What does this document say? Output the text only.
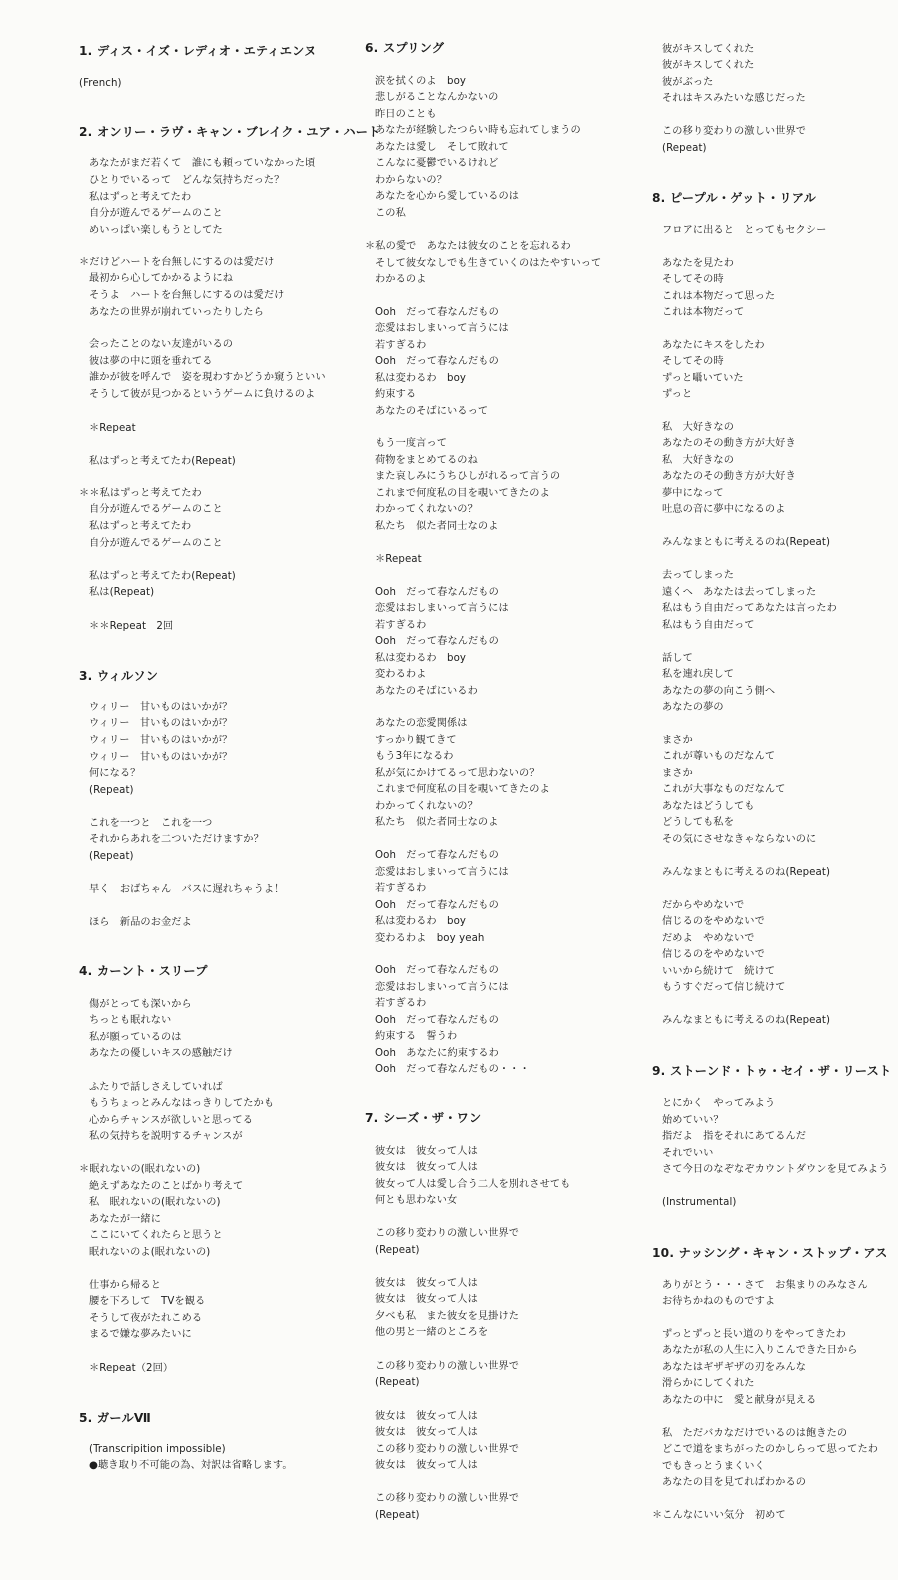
1. ディス・イズ・レディオ・エティエンヌ
(French)
2. オンリー・ラヴ・キャン・ブレイク・ユア・ハート
あなたがまだ若くて　誰にも頼っていなかった頃
ひとりでいるって　どんな気持ちだった？
私はずっと考えてたわ
自分が遊んでるゲームのこと
めいっぱい楽しもうとしてた
＊だけどハートを台無しにするのは愛だけ
最初から心してかかるようにね
そうよ　ハートを台無しにするのは愛だけ
あなたの世界が崩れていったりしたら
会ったことのない友達がいるの
彼は夢の中に頭を垂れてる
誰かが彼を呼んで　姿を現わすかどうか窺うといい
そうして彼が見つかるというゲームに負けるのよ
＊Repeat
私はずっと考えてたわ(Repeat)
＊＊私はずっと考えてたわ
自分が遊んでるゲームのこと
私はずっと考えてたわ
自分が遊んでるゲームのこと
私はずっと考えてたわ(Repeat)
私は(Repeat)
＊＊Repeat　2回
3. ウィルソン
ウィリー　甘いものはいかが？
ウィリー　甘いものはいかが？
ウィリー　甘いものはいかが？
ウィリー　甘いものはいかが？
何になる？
(Repeat)
これを一つと　これを一つ
それからあれを二ついただけますか？
(Repeat)
早く　おばちゃん　バスに遅れちゃうよ！
ほら　新品のお金だよ
4. カーント・スリープ
傷がとっても深いから
ちっとも眠れない
私が願っているのは
あなたの優しいキスの感触だけ
ふたりで話しさえしていれば
もうちょっとみんなはっきりしてたかも
心からチャンスが欲しいと思ってる
私の気持ちを説明するチャンスが
＊眠れないの(眠れないの)
絶えずあなたのことばかり考えて
私　眠れないの(眠れないの)
あなたが一緒に
ここにいてくれたらと思うと
眠れないのよ(眠れないの)
仕事から帰ると
腰を下ろして　TVを観る
そうして夜がたれこめる
まるで嫌な夢みたいに
＊Repeat（2回）
5. ガールⅦ
(Transcripition impossible)
●聴き取り不可能の為、対訳は省略します。
6. スプリング
涙を拭くのよ　boy
悲しがることなんかないの
昨日のことも
あなたが経験したつらい時も忘れてしまうの
あなたは愛し　そして敗れて
こんなに憂鬱でいるけれど
わからないの？
あなたを心から愛しているのは
この私
＊私の愛で　あなたは彼女のことを忘れるわ
そして彼女なしでも生きていくのはたやすいって
わかるのよ
Ooh　だって春なんだもの
恋愛はおしまいって言うには
若すぎるわ
Ooh　だって春なんだもの
私は変わるわ　boy
約束する
あなたのそばにいるって
もう一度言って
荷物をまとめてるのね
また哀しみにうちひしがれるって言うの
これまで何度私の目を覗いてきたのよ
わかってくれないの？
私たち　似た者同士なのよ
＊Repeat
Ooh　だって春なんだもの
恋愛はおしまいって言うには
若すぎるわ
Ooh　だって春なんだもの
私は変わるわ　boy
変わるわよ
あなたのそばにいるわ
あなたの恋愛関係は
すっかり観てきて
もう3年になるわ
私が気にかけてるって思わないの？
これまで何度私の目を覗いてきたのよ
わかってくれないの？
私たち　似た者同士なのよ
Ooh　だって春なんだもの
恋愛はおしまいって言うには
若すぎるわ
Ooh　だって春なんだもの
私は変わるわ　boy
変わるわよ　boy yeah
Ooh　だって春なんだもの
恋愛はおしまいって言うには
若すぎるわ
Ooh　だって春なんだもの
約束する　誓うわ
Ooh　あなたに約束するわ
Ooh　だって春なんだもの・・・
7. シーズ・ザ・ワン
彼女は　彼女って人は
彼女は　彼女って人は
彼女って人は愛し合う二人を別れさせても
何とも思わない女
この移り変わりの激しい世界で
(Repeat)
彼女は　彼女って人は
彼女は　彼女って人は
夕べも私　また彼女を見掛けた
他の男と一緒のところを
この移り変わりの激しい世界で
(Repeat)
彼女は　彼女って人は
彼女は　彼女って人は
この移り変わりの激しい世界で
彼女は　彼女って人は
この移り変わりの激しい世界で
(Repeat)
彼がキスしてくれた
彼がキスしてくれた
彼がぶった
それはキスみたいな感じだった
この移り変わりの激しい世界で
(Repeat)
8. ピープル・ゲット・リアル
フロアに出ると　とってもセクシー
あなたを見たわ
そしてその時
これは本物だって思った
これは本物だって
あなたにキスをしたわ
そしてその時
ずっと囁いていた
ずっと
私　大好きなの
あなたのその動き方が大好き
私　大好きなの
あなたのその動き方が大好き
夢中になって
吐息の音に夢中になるのよ
みんなまともに考えるのね(Repeat)
去ってしまった
遠くへ　あなたは去ってしまった
私はもう自由だってあなたは言ったわ
私はもう自由だって
話して
私を連れ戻して
あなたの夢の向こう側へ
あなたの夢の
まさか
これが尊いものだなんて
まさか
これが大事なものだなんて
あなたはどうしても
どうしても私を
その気にさせなきゃならないのに
みんなまともに考えるのね(Repeat)
だからやめないで
信じるのをやめないで
だめよ　やめないで
信じるのをやめないで
いいから続けて　続けて
もうすぐだって信じ続けて
みんなまともに考えるのね(Repeat)
9. ストーンド・トゥ・セイ・ザ・リースト
とにかく　やってみよう
始めていい？
指だよ　指をそれにあてるんだ
それでいい
さて今日のなぞなぞカウントダウンを見てみよう
(Instrumental)
10. ナッシング・キャン・ストップ・アス
ありがとう・・・さて　お集まりのみなさん
お待ちかねのものですよ
ずっとずっと長い道のりをやってきたわ
あなたが私の人生に入りこんできた日から
あなたはギザギザの刃をみんな
滑らかにしてくれた
あなたの中に　愛と献身が見える
私　ただバカなだけでいるのは飽きたの
どこで道をまちがったのかしらって思ってたわ
でもきっとうまくいく
あなたの目を見てればわかるの
＊こんなにいい気分　初めて
